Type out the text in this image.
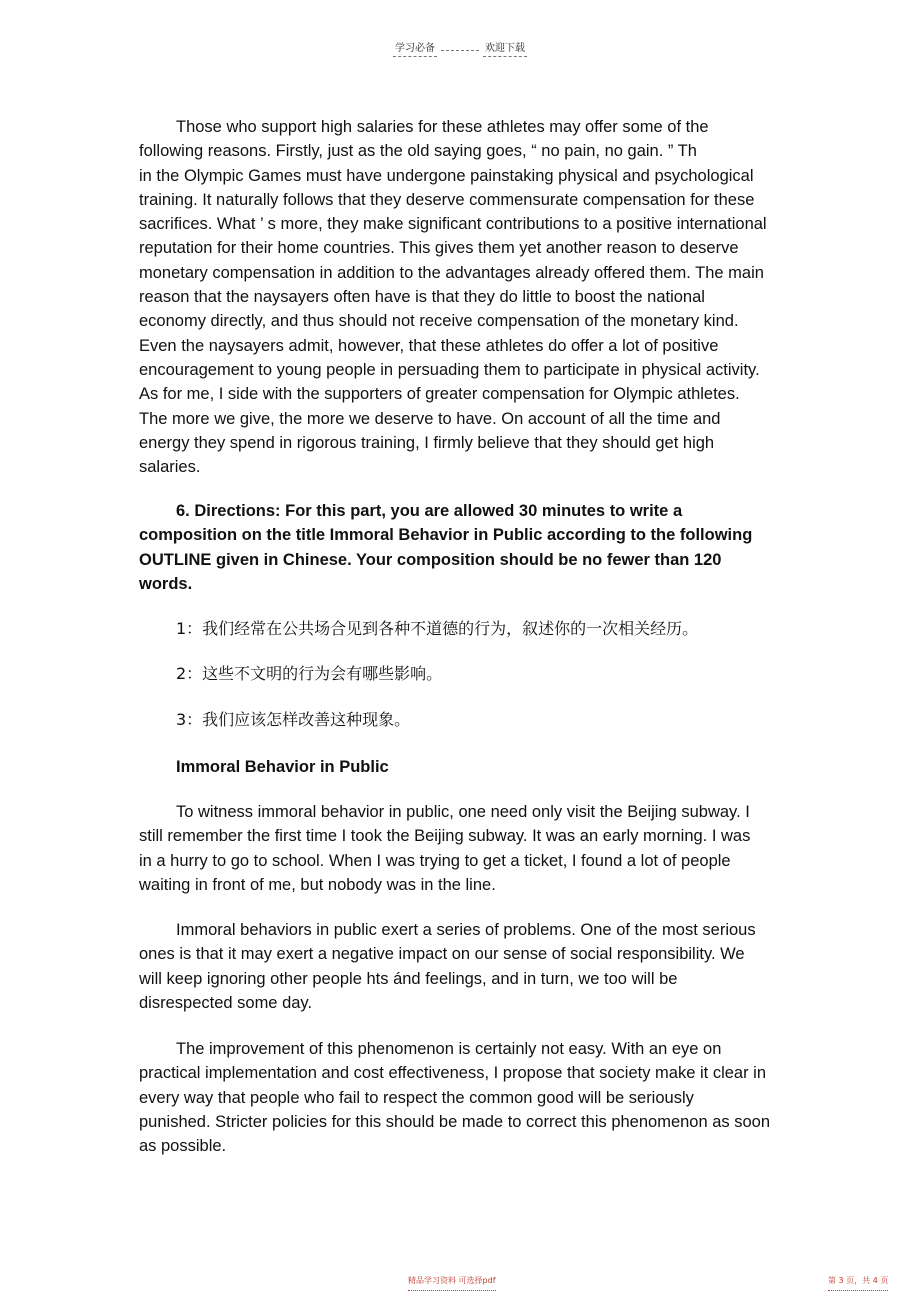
学习必备	欢迎下载
Those who support high salaries for these athletes may offer some of the
following reasons. Firstly, just as the old saying goes, “ no pain, no gain. ” Th
in the Olympic Games must have undergone painstaking physical and psychological
training. It naturally follows that they deserve commensurate compensation for these
sacrifices. What ’ s more, they make significant contributions to a positive international
reputation for their home countries. This gives them yet another reason to deserve
monetary compensation in addition to the advantages already offered them. The main
reason that the naysayers often have is that they do little to boost the national
economy directly, and thus should not receive compensation of the monetary kind.
Even the naysayers admit, however, that these athletes do offer a lot of positive
encouragement to young people in persuading them to participate in physical activity.
As for me, I side with the supporters of greater compensation for Olympic athletes.
The more we give, the more we deserve to have. On account of all the time and
energy they spend in rigorous training, I firmly believe that they should get high
salaries.
6. Directions: For this part, you are allowed 30 minutes to write a
composition on the title Immoral Behavior in Public according to the following
OUTLINE given in Chinese. Your composition should be no fewer than 120
words.
1：我们经常在公共场合见到各种不道德的行为，叙述你的一次相关经历。
2：这些不文明的行为会有哪些影响。
3：我们应该怎样改善这种现象。
Immoral Behavior in Public
To witness immoral behavior in public, one need only visit the Beijing subway. I
still remember the first time I took the Beijing subway. It was an early morning. I was
in a hurry to go to school. When I was trying to get a ticket, I found a lot of people
waiting in front of me, but nobody was in the line.
Immoral behaviors in public exert a series of problems. One of the most serious
ones is that it may exert a negative impact on our sense of social responsibility. We
will keep ignoring other people hts ánd feelings, and in turn, we too will be
disrespected some day.
The improvement of this phenomenon is certainly not easy. With an eye on
practical implementation and cost effectiveness, I propose that society make it clear in
every way that people who fail to respect the common good will be seriously
punished. Stricter policies for this should be made to correct this phenomenon as soon
as possible.
精品学习资料 可选择pdf	第 3 页，共 4 页
